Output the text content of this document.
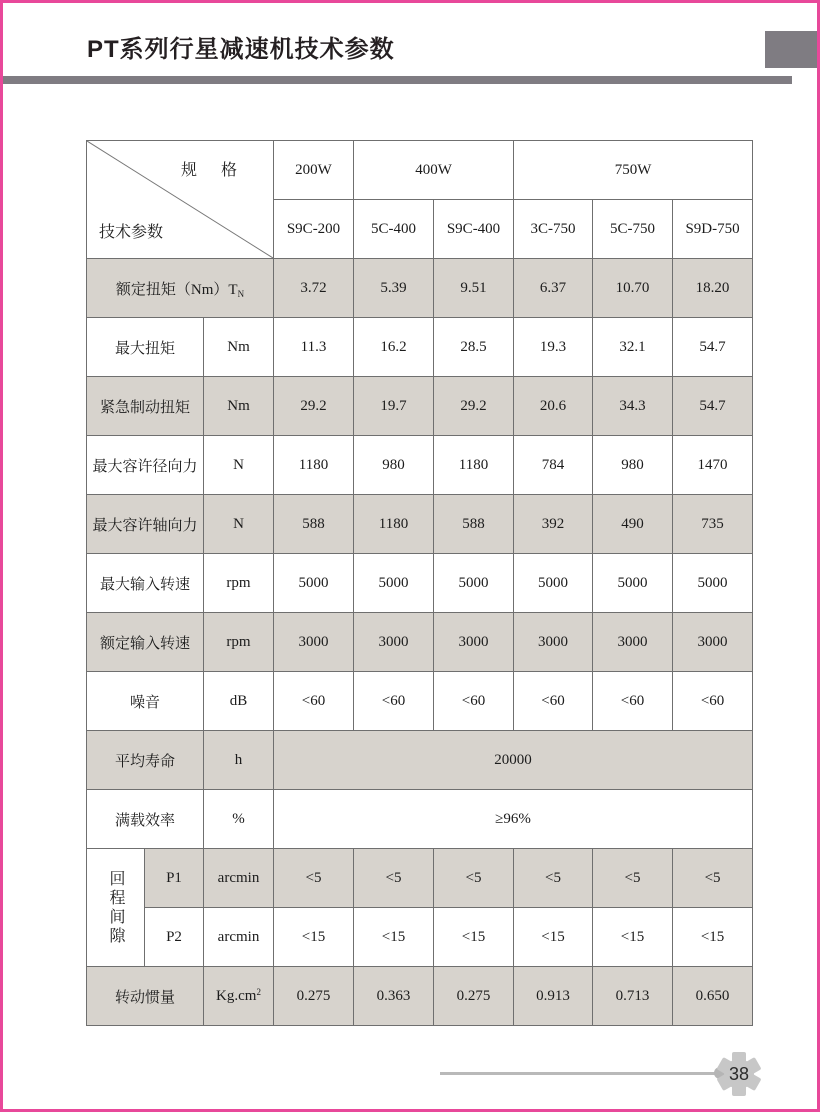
PT系列行星减速机技术参数
规 格
技术参数			200W	400W		750W		
			S9C-200	5C-400	S9C-400	3C-750	5C-750	S9D-750
额定扭矩$(Nm)T_N$			3.72	5.39	9.51	6.37	10.70	18.20
最大扭矩		Nm	11.3	16.2	28.5	19.3	32.1	54.7
紧急制动扭矩		Nm	29.2	19.7	29.2	20.6	34.3	54.7
最大容许径向力		N	1180	980	1180	784	980	1470
最大容许轴向力		N	588	1180	588	392	490	735
最大输入转速		rpm	5000	5000	5000	5000	5000	5000
额定输入转速		rpm	3000	3000	3000	3000	3000	3000
噪音		dB	<60	<60	<60	<60	<60	<60
平均寿命		h	20000					
满载效率		%	≥96%					

回程间隙	P1	arcmin	<5	<5	<5	<5	<5	<5
	P2	arcmin	<15	<15	<15	<15	<15	<15
转动惯量		$Kg.cm^2$	0.275	0.363	0.275	0.913	0.713	0.650
38
